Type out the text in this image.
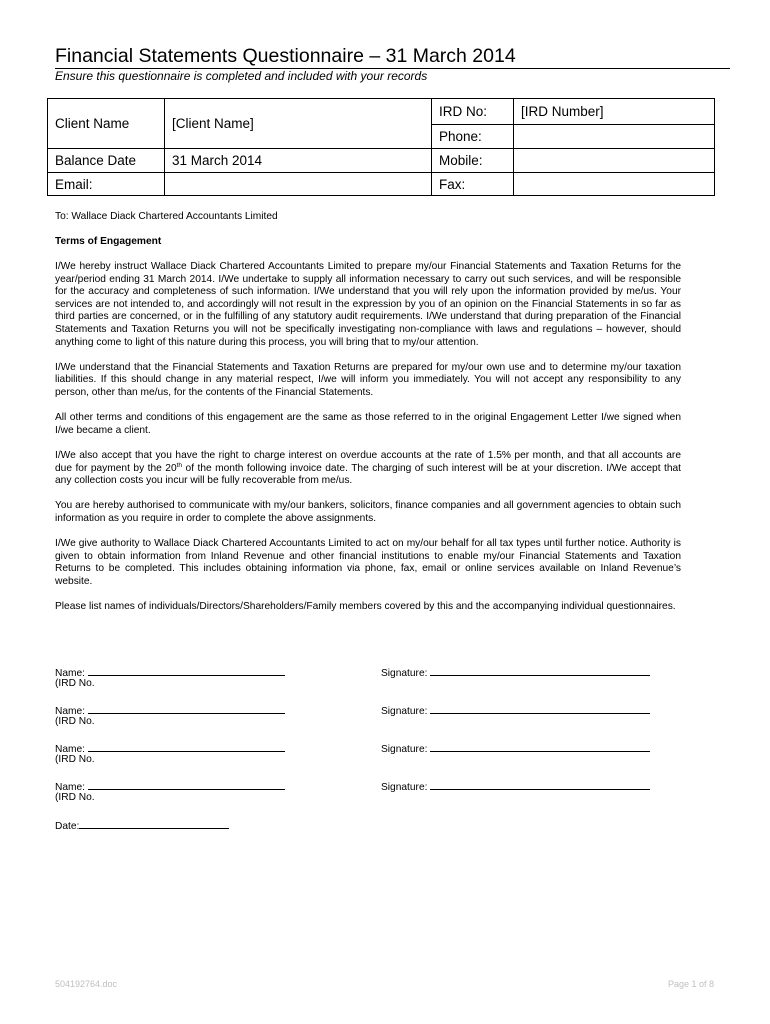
Financial Statements Questionnaire – 31 March 2014
Ensure this questionnaire is completed and included with your records
Client Name	[Client Name]	IRD No:	[IRD Number]
		Phone:	
Balance Date	31 March 2014	Mobile:	
Email:		Fax:	

To: Wallace Diack Chartered Accountants Limited

Terms of Engagement

I/We hereby instruct Wallace Diack Chartered Accountants Limited to prepare my/our Financial Statements and Taxation Returns for the year/period ending 31 March 2014. I/We undertake to supply all information necessary to carry out such services, and will be responsible for the accuracy and completeness of such information. I/We understand that you will rely upon the information provided by me/us. Your services are not intended to, and accordingly will not result in the expression by you of an opinion on the Financial Statements in so far as third parties are concerned, or in the fulfilling of any statutory audit requirements. I/We understand that during preparation of the Financial Statements and Taxation Returns you will not be specifically investigating non-compliance with laws and regulations – however, should anything come to light of this nature during this process, you will bring that to my/our attention.

I/We understand that the Financial Statements and Taxation Returns are prepared for my/our own use and to determine my/our taxation liabilities. If this should change in any material respect, I/we will inform you immediately. You will not accept any responsibility to any person, other than me/us, for the contents of the Financial Statements.

All other terms and conditions of this engagement are the same as those referred to in the original Engagement Letter I/we signed when I/we became a client.

I/We also accept that you have the right to charge interest on overdue accounts at the rate of 1.5% per month, and that all accounts are due for payment by the 20th of the month following invoice date. The charging of such interest will be at your discretion. I/We accept that any collection costs you incur will be fully recoverable from me/us.

You are hereby authorised to communicate with my/our bankers, solicitors, finance companies and all government agencies to obtain such information as you require in order to complete the above assignments.

I/We give authority to Wallace Diack Chartered Accountants Limited to act on my/our behalf for all tax types until further notice. Authority is given to obtain information from Inland Revenue and other financial institutions to enable my/our Financial Statements and Taxation Returns to be completed. This includes obtaining information via phone, fax, email or online services available on Inland Revenue’s website.

Please list names of individuals/Directors/Shareholders/Family members covered by this and the accompanying individual questionnaires.

Name:	Signature:
(IRD No.
Name:	Signature:
(IRD No.
Name:	Signature:
(IRD No.
Name:	Signature:
(IRD No.
Date:
504192764.doc	Page 1 of 8
